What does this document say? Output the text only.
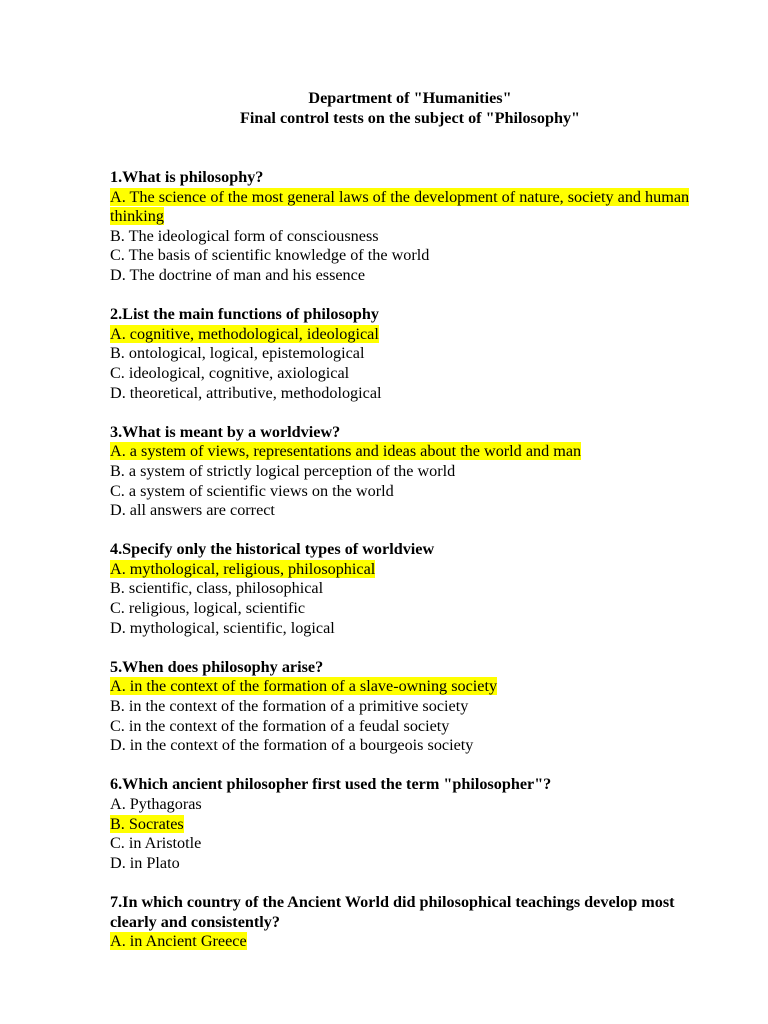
Department of "Humanities"
Final control tests on the subject of "Philosophy"
1.What is philosophy?
A. The science of the most general laws of the development of nature, society and human thinking
B. The ideological form of consciousness
C. The basis of scientific knowledge of the world
D. The doctrine of man and his essence
2.List the main functions of philosophy
A. cognitive, methodological, ideological
B. ontological, logical, epistemological
C. ideological, cognitive, axiological
D. theoretical, attributive, methodological
3.What is meant by a worldview?
A. a system of views, representations and ideas about the world and man
B. a system of strictly logical perception of the world
C. a system of scientific views on the world
D. all answers are correct
4.Specify only the historical types of worldview
A. mythological, religious, philosophical
B. scientific, class, philosophical
C. religious, logical, scientific
D. mythological, scientific, logical
5.When does philosophy arise?
A. in the context of the formation of a slave-owning society
B. in the context of the formation of a primitive society
C. in the context of the formation of a feudal society
D. in the context of the formation of a bourgeois society
6.Which ancient philosopher first used the term "philosopher"?
A. Pythagoras
B. Socrates
C. in Aristotle
D. in Plato
7.In which country of the Ancient World did philosophical teachings develop most clearly and consistently?
A. in Ancient Greece
